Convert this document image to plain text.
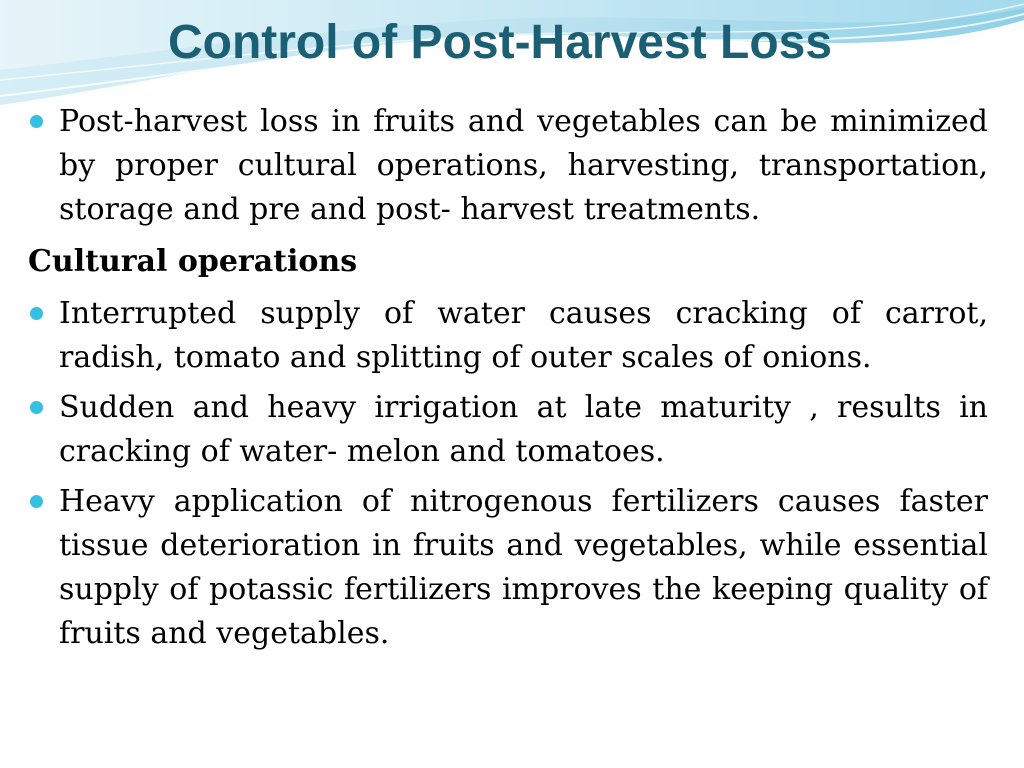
Control of Post-Harvest Loss
Post-harvest loss in fruits and vegetables can be minimized by proper cultural operations, harvesting, transportation, storage and pre and post- harvest treatments.
Cultural operations
Interrupted supply of water causes cracking of carrot, radish, tomato and splitting of outer scales of onions.
Sudden and heavy irrigation at late maturity , results in cracking of water- melon and tomatoes.
Heavy application of nitrogenous fertilizers causes faster tissue deterioration in fruits and vegetables, while essential supply of potassic fertilizers improves the keeping quality of fruits and vegetables.
